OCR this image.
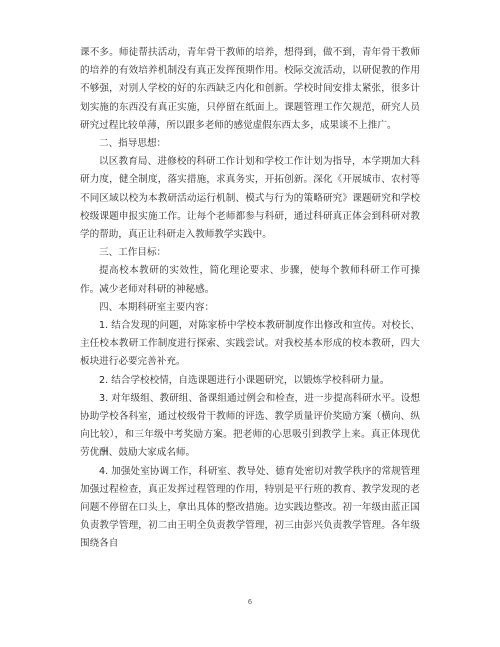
课不多。师徒帮扶活动，青年骨干教师的培养，想得到，做不到，青年骨干教师的培养的有效培养机制没有真正发挥预期作用。校际交流活动，以研促教的作用不够强，对别人学校的好的东西缺乏内化和创新。学校时间安排太紧张，很多计划实施的东西没有真正实施，只停留在纸面上。课题管理工作欠规范，研究人员研究过程比较单薄，所以跟多老师的感觉虚假东西太多，成果谈不上推广。

二、指导思想：

以区教育局、进修校的科研工作计划和学校工作计划为指导，本学期加大科研力度，健全制度，落实措施，求真务实，开拓创新。深化《开展城市、农村等不同区域以校为本教研活动运行机制、模式与行为的策略研究》课题研究和学校校级课题申报实施工作。让每个老师都参与科研，通过科研真正体会到科研对教学的帮助，真正让科研走入教师教学实践中。

三、工作目标：

提高校本教研的实效性，简化理论要求、步骤，使每个教师科研工作可操作。减少老师对科研的神秘感。

四、本期科研室主要内容：

1. 结合发现的问题，对陈家桥中学校本教研制度作出修改和宣传。对校长、主任校本教研工作制度进行探索、实践尝试。对我校基本形成的校本教研，四大板块进行必要完善补充。

2. 结合学校校情，自选课题进行小课题研究，以锻炼学校科研力量。

3. 对年级组、教研组、备课组通过例会和检查，进一步提高科研水平。设想协助学校各科室，通过校级骨干教师的评选、教学质量评价奖励方案（横向、纵向比较），和三年级中考奖励方案。把老师的心思吸引到教学上来。真正体现优劳优酬、鼓励大家成名师。

4. 加强处室协调工作，科研室、教导处、德育处密切对教学秩序的常规管理加强过程检查，真正发挥过程管理的作用，特别是平行班的教育、教学发现的老问题不停留在口头上，拿出具体的整改措施。边实践边整改。初一年级由蓝正国负责教学管理，初二由王明全负责教学管理，初三由彭兴负责教学管理。各年级围绕各自

6
